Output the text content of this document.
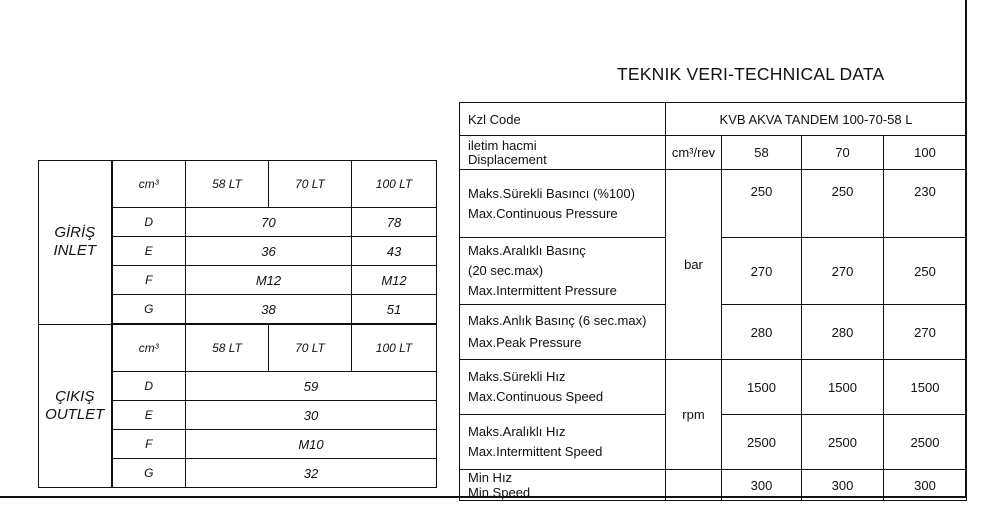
TEKNIK VERI-TECHNICAL DATA
GİRİŞ
INLET	cm³	58 LT	70 LT	100 LT
	D	70		78
	E	36		43
	F	M12		M12
	G	38		51

ÇIKIŞ
OUTLET	cm³	58 LT	70 LT	100 LT
	D	59		
	E	30		
	F	M10		
	G	32		
Kzl Code	KVB AKVA TANDEM 100-70-58 L			

iletim hacmi
Displacement	cm³/rev	58	70	100

Maks.Sürekli Basıncı (%100)
Max.Continuous Pressure	bar	250	250	230

Maks.Aralıklı Basınç
(20 sec.max)
Max.Intermittent Pressure		270	270	250

Maks.Anlık Basınç (6 sec.max)
Max.Peak Pressure		280	280	270

Maks.Sürekli Hız
Max.Continuous Speed	rpm	1500	1500	1500

Maks.Aralıklı Hız
Max.Intermittent Speed		2500	2500	2500

Min Hız
Min.Speed		300	300	300
